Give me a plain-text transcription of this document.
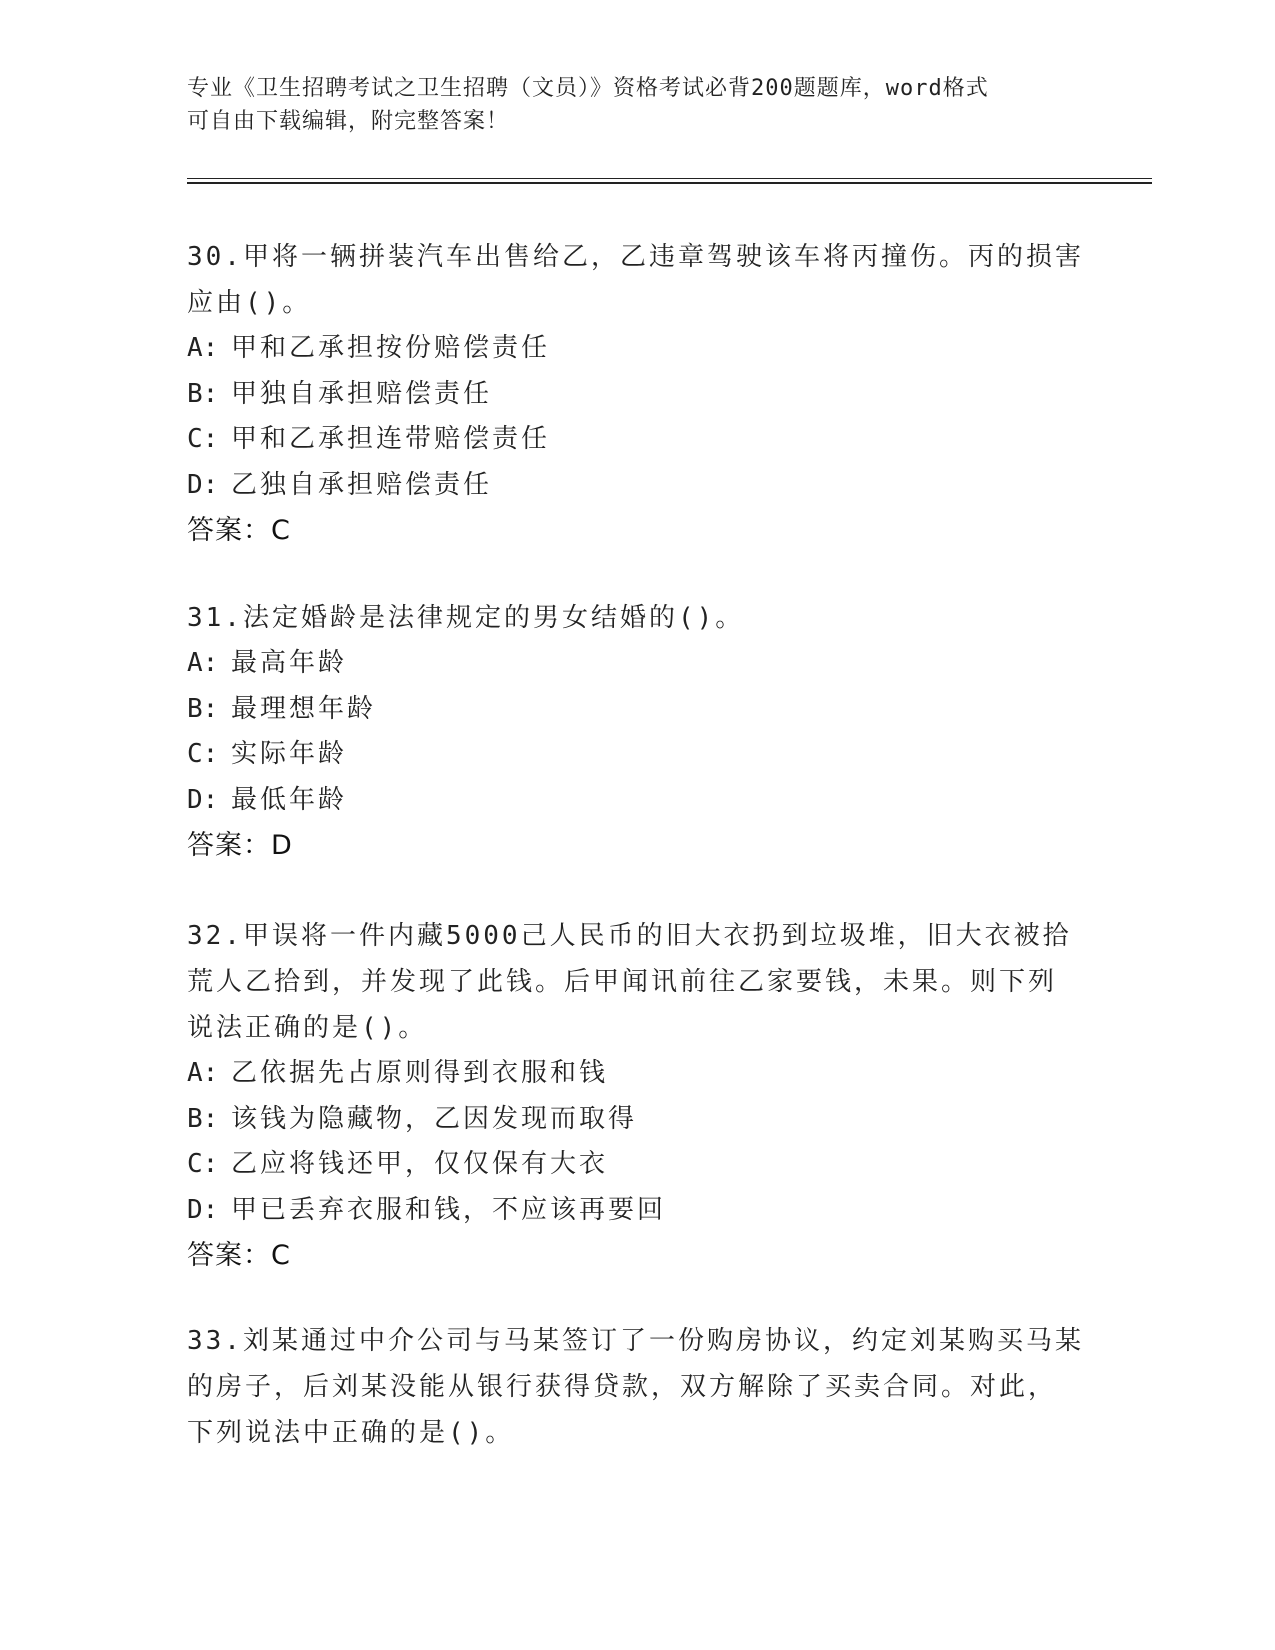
专业《卫生招聘考试之卫生招聘（文员）》资格考试必背200题题库，word格式
可自由下载编辑，附完整答案！

30.甲将一辆拼装汽车出售给乙，乙违章驾驶该车将丙撞伤。丙的损害

应由()。

A: 甲和乙承担按份赔偿责任

B: 甲独自承担赔偿责任

C: 甲和乙承担连带赔偿责任

D: 乙独自承担赔偿责任

答案：C

31.法定婚龄是法律规定的男女结婚的()。

A: 最高年龄

B: 最理想年龄

C: 实际年龄

D: 最低年龄

答案：D

32.甲误将一件内藏5000己人民币的旧大衣扔到垃圾堆，旧大衣被拾

荒人乙拾到，并发现了此钱。后甲闻讯前往乙家要钱，未果。则下列

说法正确的是()。

A: 乙依据先占原则得到衣服和钱

B: 该钱为隐藏物，乙因发现而取得

C: 乙应将钱还甲，仅仅保有大衣

D: 甲已丢弃衣服和钱，不应该再要回

答案：C

33.刘某通过中介公司与马某签订了一份购房协议，约定刘某购买马某

的房子，后刘某没能从银行获得贷款，双方解除了买卖合同。对此，

下列说法中正确的是()。
